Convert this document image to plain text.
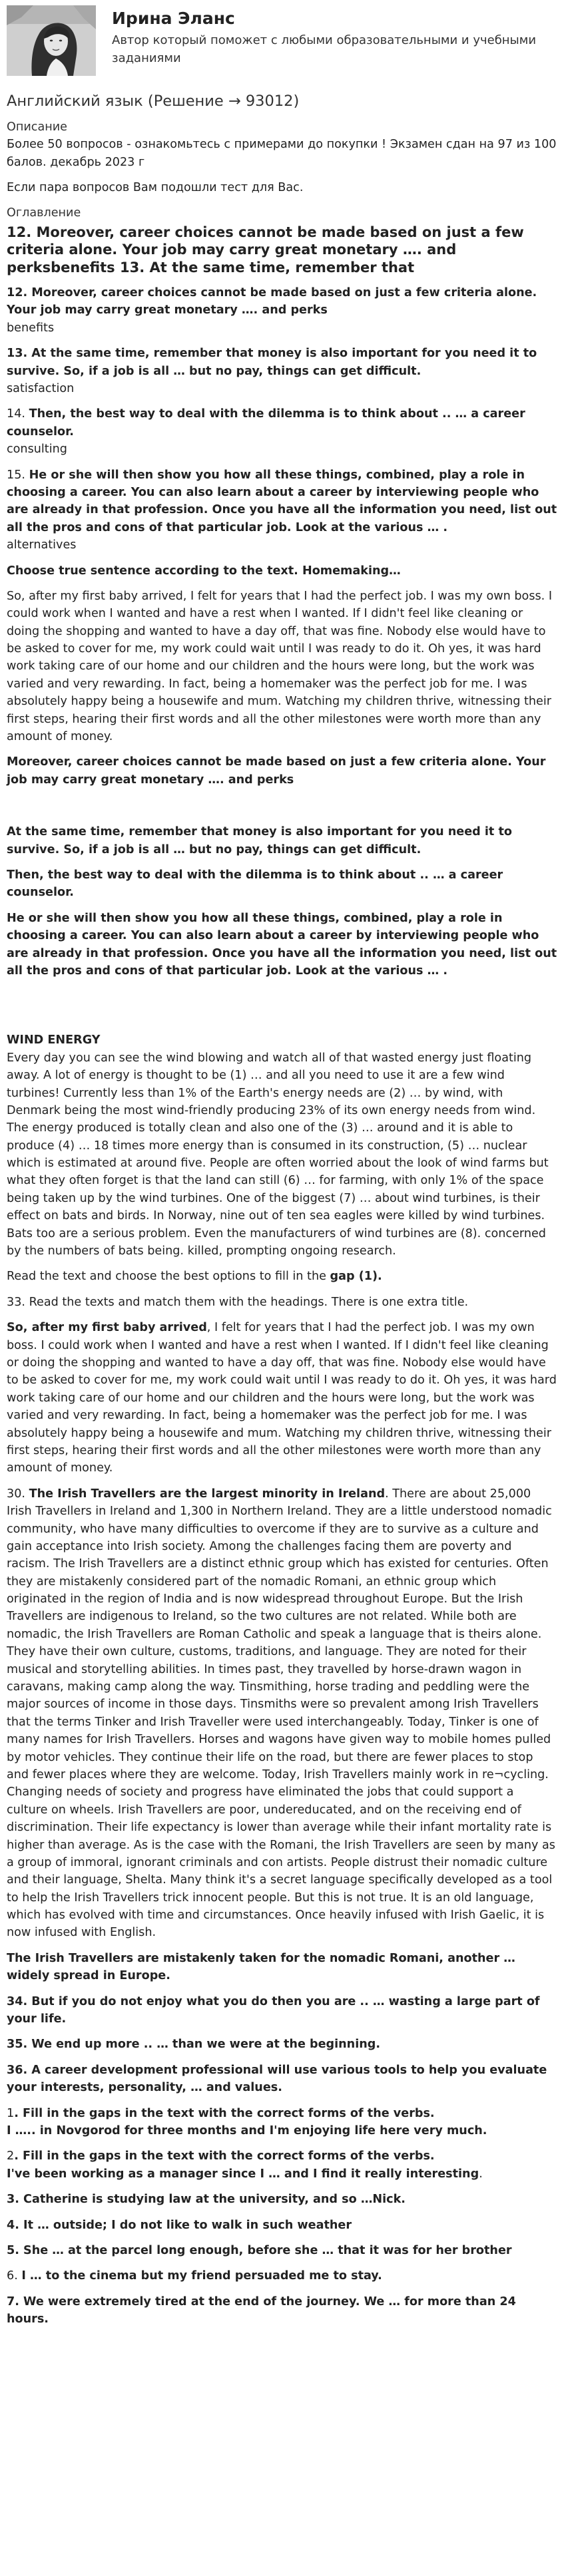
Ирина Эланс
Автор который поможет с любыми образовательными и учебными заданиями
Английский язык (Решение → 93012)
Описание
Более 50 вопросов - ознакомьтесь с примерами до покупки ! Экзамен сдан на 97 из 100 балов. декабрь 2023 г
Если пара вопросов Вам подошли тест для Вас.
Оглавление
12. Moreover, career choices cannot be made based on just a few criteria alone. Your job may carry great monetary …. and perksbenefits 13. At the same time, remember that
12. Moreover, career choices cannot be made based on just a few criteria alone. Your job may carry great monetary …. and perks
benefits
13. At the same time, remember that money is also important for you need it to survive. So, if a job is all … but no pay, things can get difficult.
satisfaction
14. Then, the best way to deal with the dilemma is to think about .. … a career counselor.
consulting
15. He or she will then show you how all these things, combined, play a role in choosing a career. You can also learn about a career by interviewing people who are already in that profession. Once you have all the information you need, list out all the pros and cons of that particular job. Look at the various … .
alternatives
Choose true sentence according to the text. Homemaking…
So, after my first baby arrived, I felt for years that I had the perfect job. I was my own boss. I could work when I wanted and have a rest when I wanted. If I didn't feel like cleaning or doing the shopping and wanted to have a day off, that was fine. Nobody else would have to be asked to cover for me, my work could wait until I was ready to do it. Oh yes, it was hard work taking care of our home and our children and the hours were long, but the work was varied and very rewarding. In fact, being a homemaker was the perfect job for me. I was absolutely happy being a housewife and mum. Watching my children thrive, witnessing their first steps, hearing their first words and all the other milestones were worth more than any amount of money.
Moreover, career choices cannot be made based on just a few criteria alone. Your job may carry great monetary …. and perks
At the same time, remember that money is also important for you need it to survive. So, if a job is all … but no pay, things can get difficult.
Then, the best way to deal with the dilemma is to think about .. … a career counselor.
He or she will then show you how all these things, combined, play a role in choosing a career. You can also learn about a career by interviewing people who are already in that profession. Once you have all the information you need, list out all the pros and cons of that particular job. Look at the various … .
WIND ENERGY
Every day you can see the wind blowing and watch all of that wasted energy just floating away. A lot of energy is thought to be (1) … and all you need to use it are a few wind turbines! Currently less than 1% of the Earth's energy needs are (2) … by wind, with Denmark being the most wind-friendly producing 23% of its own energy needs from wind. The energy produced is totally clean and also one of the (3) … around and it is able to produce (4) … 18 times more energy than is consumed in its construction, (5) … nuclear which is estimated at around five. People are often worried about the look of wind farms but what they often forget is that the land can still (6) … for farming, with only 1% of the space being taken up by the wind turbines. One of the biggest (7) … about wind turbines, is their effect on bats and birds. In Norway, nine out of ten sea eagles were killed by wind turbines. Bats too are a serious problem. Even the manufacturers of wind turbines are (8). concerned by the numbers of bats being. killed, prompting ongoing research.
Read the text and choose the best options to fill in the gap (1).
33. Read the texts and match them with the headings. There is one extra title.
So, after my first baby arrived, I felt for years that I had the perfect job. I was my own boss. I could work when I wanted and have a rest when I wanted. If I didn't feel like cleaning or doing the shopping and wanted to have a day off, that was fine. Nobody else would have to be asked to cover for me, my work could wait until I was ready to do it. Oh yes, it was hard work taking care of our home and our children and the hours were long, but the work was varied and very rewarding. In fact, being a homemaker was the perfect job for me. I was absolutely happy being a housewife and mum. Watching my children thrive, witnessing their first steps, hearing their first words and all the other milestones were worth more than any amount of money.
30. The Irish Travellers are the largest minority in Ireland. There are about 25,000 Irish Travellers in Ireland and 1,300 in Northern Ireland. They are a little understood nomadic community, who have many difficulties to overcome if they are to survive as a culture and gain acceptance into Irish society. Among the challenges facing them are poverty and racism. The Irish Travellers are a distinct ethnic group which has existed for centuries. Often they are mistakenly considered part of the nomadic Romani, an ethnic group which originated in the region of India and is now widespread throughout Europe. But the Irish Travellers are indigenous to Ireland, so the two cultures are not related. While both are nomadic, the Irish Travellers are Roman Catholic and speak a language that is theirs alone. They have their own culture, customs, traditions, and language. They are noted for their musical and storytelling abilities. In times past, they travelled by horse-drawn wagon in caravans, making camp along the way. Tinsmithing, horse trading and peddling were the major sources of income in those days. Tinsmiths were so prevalent among Irish Travellers that the terms Tinker and Irish Traveller were used interchangeably. Today, Tinker is one of many names for Irish Travellers. Horses and wagons have given way to mobile homes pulled by motor vehicles. They continue their life on the road, but there are fewer places to stop and fewer places where they are welcome. Today, Irish Travellers mainly work in re¬cycling. Changing needs of society and progress have eliminated the jobs that could support a culture on wheels. Irish Travellers are poor, undereducated, and on the receiving end of discrimination. Their life expectancy is lower than average while their infant mortality rate is higher than average. As is the case with the Romani, the Irish Travellers are seen by many as a group of immoral, ignorant criminals and con artists. People distrust their nomadic culture and their language, Shelta. Many think it's a secret language specifically developed as a tool to help the Irish Travellers trick innocent people. But this is not true. It is an old language, which has evolved with time and circumstances. Once heavily infused with Irish Gaelic, it is now infused with English.
The Irish Travellers are mistakenly taken for the nomadic Romani, another … widely spread in Europe.
34. But if you do not enjoy what you do then you are .. … wasting a large part of your life.
35. We end up more .. … than we were at the beginning.
36. A career development professional will use various tools to help you evaluate your interests, personality, … and values.
1. Fill in the gaps in the text with the correct forms of the verbs.
I ….. in Novgorod for three months and I'm enjoying life here very much.
2. Fill in the gaps in the text with the correct forms of the verbs.
I've been working as a manager since I … and I find it really interesting.
3. Catherine is studying law at the university, and so …Nick.
4. It … outside; I do not like to walk in such weather
5. She … at the parcel long enough, before she … that it was for her brother
6. I … to the cinema but my friend persuaded me to stay.
7. We were extremely tired at the end of the journey. We … for more than 24 hours.
